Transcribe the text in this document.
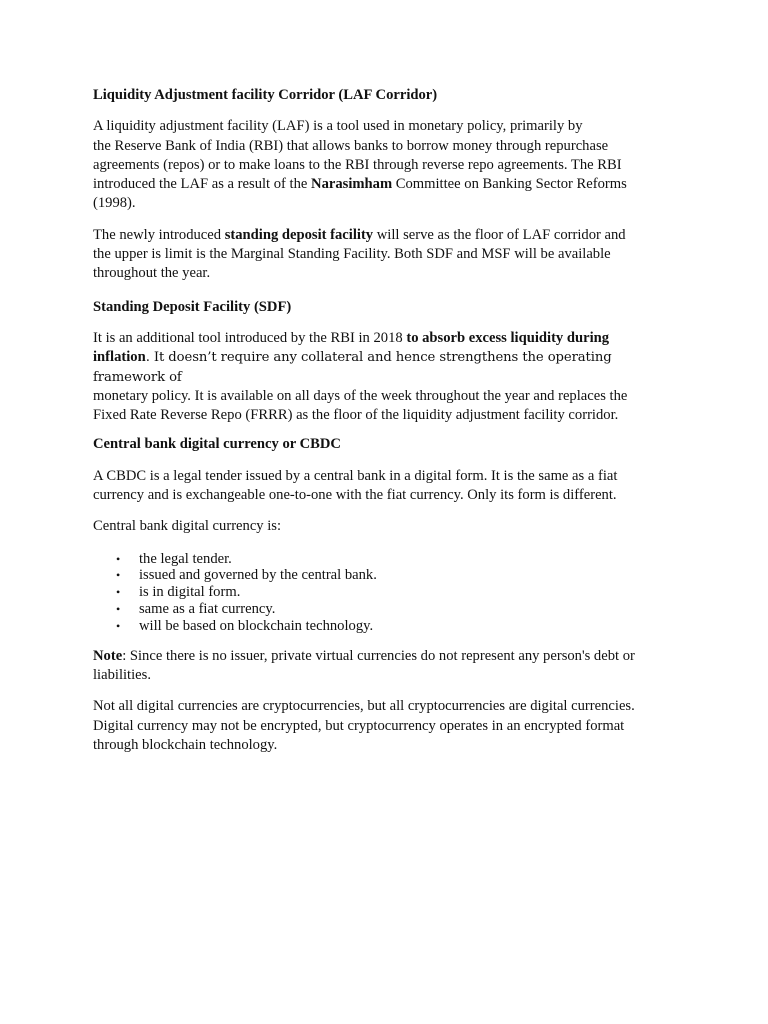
Liquidity Adjustment facility Corridor (LAF Corridor)

A liquidity adjustment facility (LAF) is a tool used in monetary policy, primarily by
the Reserve Bank of India (RBI) that allows banks to borrow money through repurchase
agreements (repos) or to make loans to the RBI through reverse repo agreements. The RBI
introduced the LAF as a result of the Narasimham Committee on Banking Sector Reforms
(1998).

The newly introduced standing deposit facility will serve as the floor of LAF corridor and
the upper is limit is the Marginal Standing Facility. Both SDF and MSF will be available
throughout the year.

Standing Deposit Facility (SDF)

It is an additional tool introduced by the RBI in 2018 to absorb excess liquidity during
inflation. It doesn’t require any collateral and hence strengthens the operating framework of
monetary policy. It is available on all days of the week throughout the year and replaces the
Fixed Rate Reverse Repo (FRRR) as the floor of the liquidity adjustment facility corridor.

Central bank digital currency or CBDC

A CBDC is a legal tender issued by a central bank in a digital form. It is the same as a fiat
currency and is exchangeable one-to-one with the fiat currency. Only its form is different.

Central bank digital currency is:

• the legal tender.
• issued and governed by the central bank.
• is in digital form.
• same as a fiat currency.
• will be based on blockchain technology.

Note: Since there is no issuer, private virtual currencies do not represent any person's debt or
liabilities.

Not all digital currencies are cryptocurrencies, but all cryptocurrencies are digital currencies.
Digital currency may not be encrypted, but cryptocurrency operates in an encrypted format
through blockchain technology.
